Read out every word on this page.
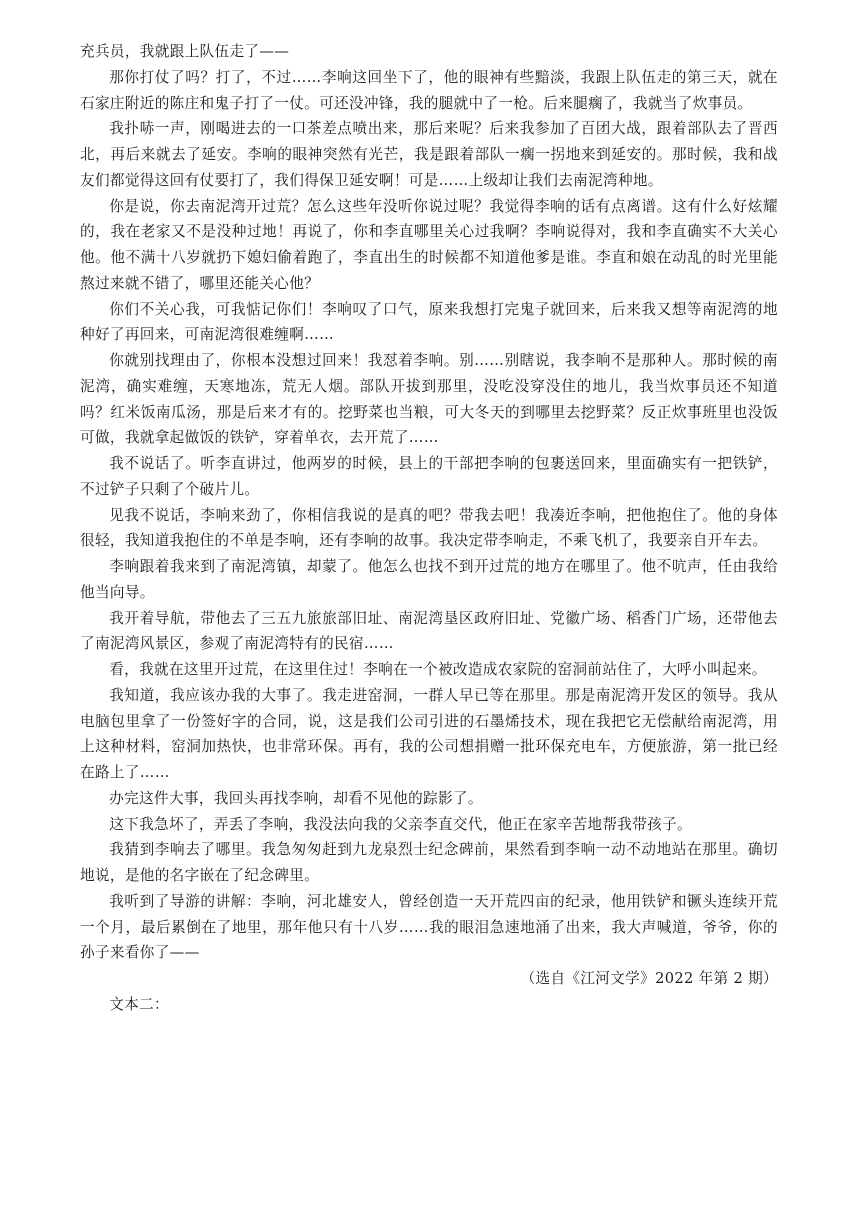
充兵员，我就跟上队伍走了——

那你打仗了吗？打了，不过……李响这回坐下了，他的眼神有些黯淡，我跟上队伍走的第三天，就在石家庄附近的陈庄和鬼子打了一仗。可还没冲锋，我的腿就中了一枪。后来腿瘸了，我就当了炊事员。

我扑哧一声，刚喝进去的一口茶差点喷出来，那后来呢？后来我参加了百团大战，跟着部队去了晋西北，再后来就去了延安。李响的眼神突然有光芒，我是跟着部队一瘸一拐地来到延安的。那时候，我和战友们都觉得这回有仗要打了，我们得保卫延安啊！可是……上级却让我们去南泥湾种地。

你是说，你去南泥湾开过荒？怎么这些年没听你说过呢？我觉得李响的话有点离谱。这有什么好炫耀的，我在老家又不是没种过地！再说了，你和李直哪里关心过我啊？李响说得对，我和李直确实不大关心他。他不满十八岁就扔下媳妇偷着跑了，李直出生的时候都不知道他爹是谁。李直和娘在动乱的时光里能熬过来就不错了，哪里还能关心他？

你们不关心我，可我惦记你们！李响叹了口气，原来我想打完鬼子就回来，后来我又想等南泥湾的地种好了再回来，可南泥湾很难缠啊……

你就别找理由了，你根本没想过回来！我怼着李响。别……别瞎说，我李响不是那种人。那时候的南泥湾，确实难缠，天寒地冻，荒无人烟。部队开拔到那里，没吃没穿没住的地儿，我当炊事员还不知道吗？红米饭南瓜汤，那是后来才有的。挖野菜也当粮，可大冬天的到哪里去挖野菜？反正炊事班里也没饭可做，我就拿起做饭的铁铲，穿着单衣，去开荒了……

我不说话了。听李直讲过，他两岁的时候，县上的干部把李响的包裹送回来，里面确实有一把铁铲，不过铲子只剩了个破片儿。

见我不说话，李响来劲了，你相信我说的是真的吧？带我去吧！我凑近李响，把他抱住了。他的身体很轻，我知道我抱住的不单是李响，还有李响的故事。我决定带李响走，不乘飞机了，我要亲自开车去。

李响跟着我来到了南泥湾镇，却蒙了。他怎么也找不到开过荒的地方在哪里了。他不吭声，任由我给他当向导。

我开着导航，带他去了三五九旅旅部旧址、南泥湾垦区政府旧址、党徽广场、稻香门广场，还带他去了南泥湾风景区，参观了南泥湾特有的民宿……

看，我就在这里开过荒，在这里住过！李响在一个被改造成农家院的窑洞前站住了，大呼小叫起来。

我知道，我应该办我的大事了。我走进窑洞，一群人早已等在那里。那是南泥湾开发区的领导。我从电脑包里拿了一份签好字的合同，说，这是我们公司引进的石墨烯技术，现在我把它无偿献给南泥湾，用上这种材料，窑洞加热快，也非常环保。再有，我的公司想捐赠一批环保充电车，方便旅游，第一批已经在路上了……

办完这件大事，我回头再找李响，却看不见他的踪影了。

这下我急坏了，弄丢了李响，我没法向我的父亲李直交代，他正在家辛苦地帮我带孩子。

我猜到李响去了哪里。我急匆匆赶到九龙泉烈士纪念碑前，果然看到李响一动不动地站在那里。确切地说，是他的名字嵌在了纪念碑里。

我听到了导游的讲解：李响，河北雄安人，曾经创造一天开荒四亩的纪录，他用铁铲和镢头连续开荒一个月，最后累倒在了地里，那年他只有十八岁……我的眼泪急速地涌了出来，我大声喊道，爷爷，你的孙子来看你了——

（选自《江河文学》2022 年第 2 期）

文本二：
